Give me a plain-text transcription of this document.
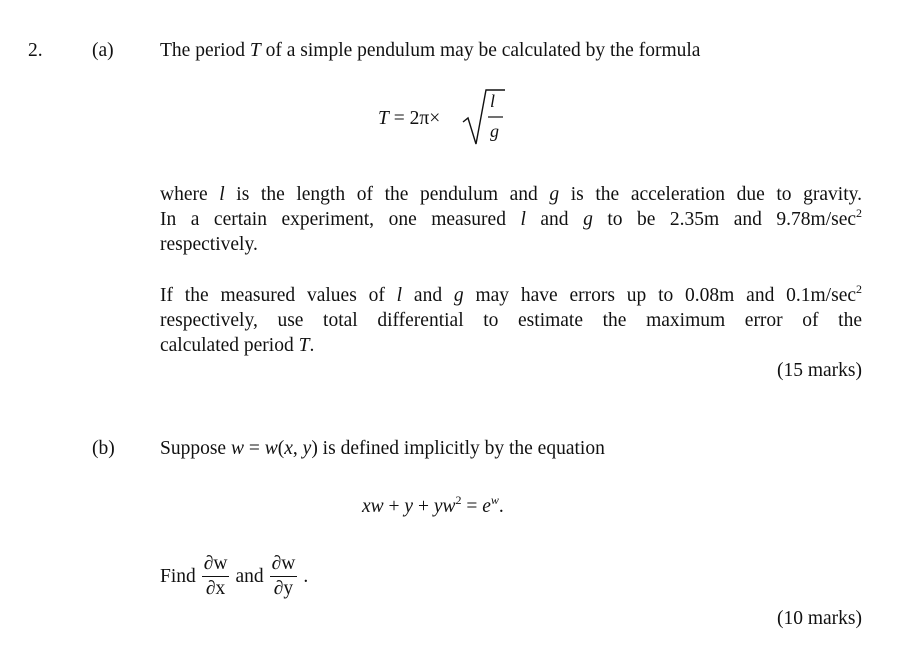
2.	(a) The period T of a simple pendulum may be calculated by the formula
T = 2π×
l
g
where l is the length of the pendulum and g is the acceleration due to gravity.
In a certain experiment, one measured l and g to be 2.35m and $9.78m/\sec^2$
respectively.
If the measured values of l and g may have errors up to 0.08m and $0.1m/\sec^2$
respectively, use total differential to estimate the maximum error of the
calculated period T.
(15 marks)
(b) Suppose w = w(x, y) is defined implicitly by the equation
xw + $y + yw^2 = e^w$.
Find $\frac{\partial w}{\partial x}$ and $\frac{\partial w}{\partial y}$ .
(10 marks)
